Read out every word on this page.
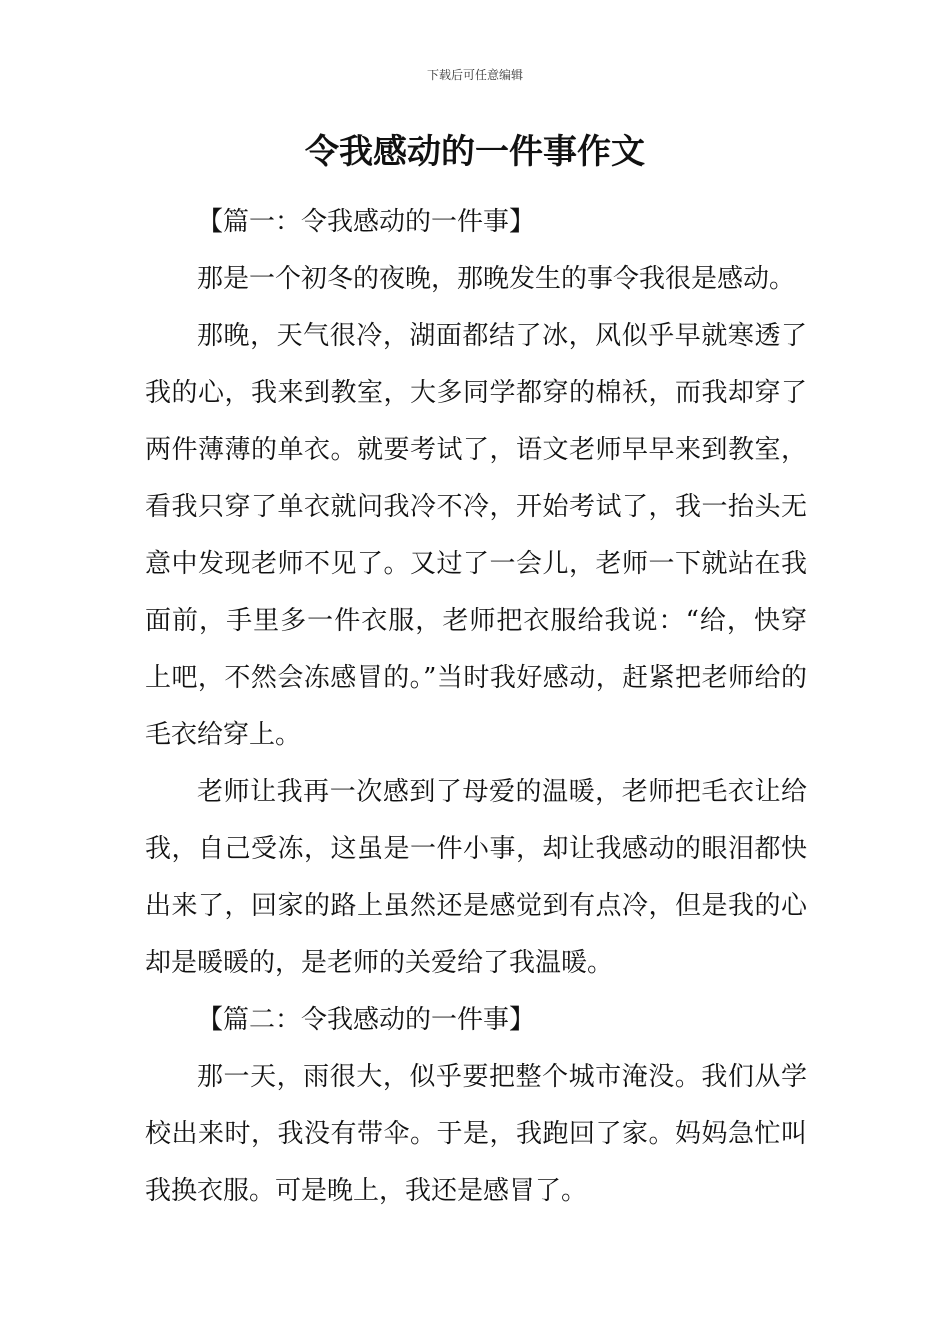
下载后可任意编辑
令我感动的一件事作文

【篇一：令我感动的一件事】

那是一个初冬的夜晚，那晚发生的事令我很是感动。

那晚，天气很冷，湖面都结了冰，风似乎早就寒透了我的心，我来到教室，大多同学都穿的棉袄，而我却穿了两件薄薄的单衣。就要考试了，语文老师早早来到教室，看我只穿了单衣就问我冷不冷，开始考试了，我一抬头无意中发现老师不见了。又过了一会儿，老师一下就站在我面前，手里多一件衣服，老师把衣服给我说：“给，快穿上吧，不然会冻感冒的。”当时我好感动，赶紧把老师给的毛衣给穿上。

老师让我再一次感到了母爱的温暖，老师把毛衣让给我，自己受冻，这虽是一件小事，却让我感动的眼泪都快出来了，回家的路上虽然还是感觉到有点冷，但是我的心却是暖暖的，是老师的关爱给了我温暖。

【篇二：令我感动的一件事】

那一天，雨很大，似乎要把整个城市淹没。我们从学校出来时，我没有带伞。于是，我跑回了家。妈妈急忙叫我换衣服。可是晚上，我还是感冒了。
